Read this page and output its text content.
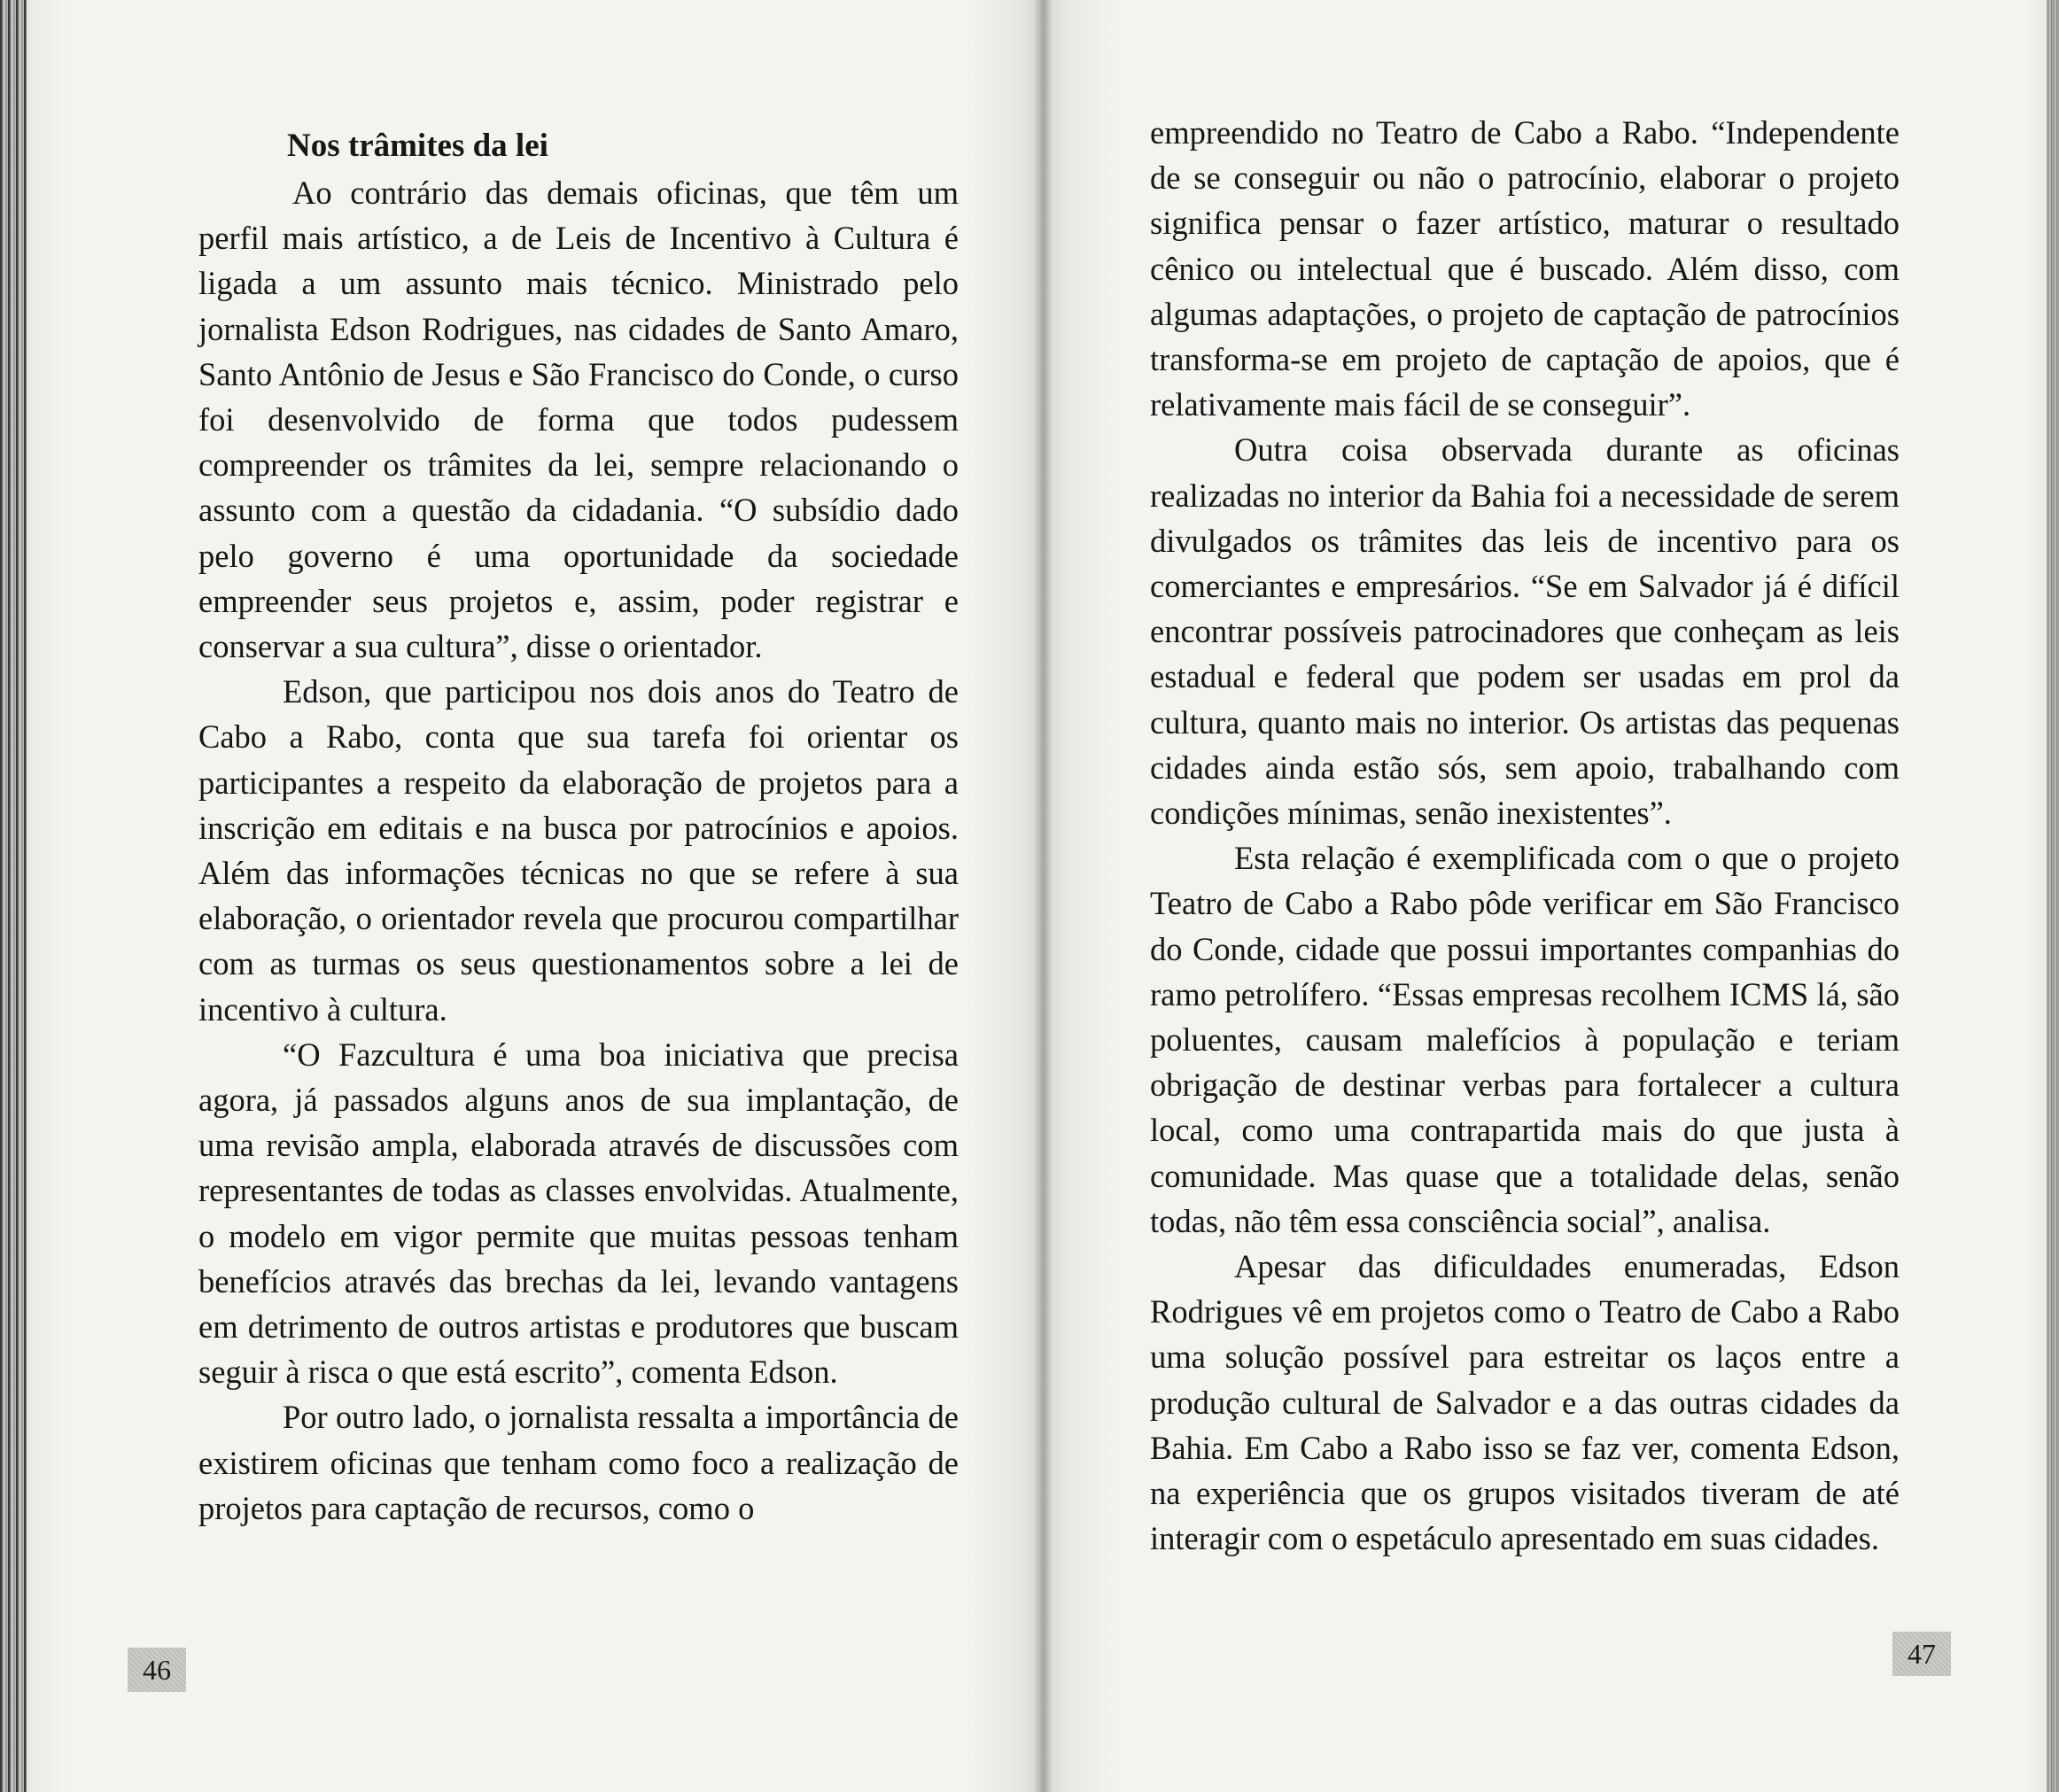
Nos trâmites da lei

Ao contrário das demais oficinas, que têm um perfil mais artístico, a de Leis de Incentivo à Cultura é ligada a um assunto mais técnico. Ministrado pelo jornalista Edson Rodrigues, nas cidades de Santo Amaro, Santo Antônio de Jesus e São Francisco do Conde, o curso foi desenvolvido de forma que todos pudessem compreender os trâmites da lei, sempre relacionando o assunto com a questão da cidadania. “O subsídio dado pelo governo é uma oportunidade da sociedade empreender seus projetos e, assim, poder registrar e conservar a sua cultura”, disse o orientador.

Edson, que participou nos dois anos do Teatro de Cabo a Rabo, conta que sua tarefa foi orientar os participantes a respeito da elaboração de projetos para a inscrição em editais e na busca por patrocínios e apoios. Além das informações técnicas no que se refere à sua elaboração, o orientador revela que procurou compartilhar com as turmas os seus questionamentos sobre a lei de incentivo à cultura.

“O Fazcultura é uma boa iniciativa que precisa agora, já passados alguns anos de sua implantação, de uma revisão ampla, elaborada através de discussões com representantes de todas as classes envolvidas. Atualmente, o modelo em vigor permite que muitas pessoas tenham benefícios através das brechas da lei, levando vantagens em detrimento de outros artistas e produtores que buscam seguir à risca o que está escrito”, comenta Edson.

Por outro lado, o jornalista ressalta a importância de existirem oficinas que tenham como foco a realização de projetos para captação de recursos, como o

46

empreendido no Teatro de Cabo a Rabo. “Independente de se conseguir ou não o patrocínio, elaborar o projeto significa pensar o fazer artístico, maturar o resultado cênico ou intelectual que é buscado. Além disso, com algumas adaptações, o projeto de captação de patrocínios transforma-se em projeto de captação de apoios, que é relativamente mais fácil de se conseguir”.

Outra coisa observada durante as oficinas realizadas no interior da Bahia foi a necessidade de serem divulgados os trâmites das leis de incentivo para os comerciantes e empresários. “Se em Salvador já é difícil encontrar possíveis patrocinadores que conheçam as leis estadual e federal que podem ser usadas em prol da cultura, quanto mais no interior. Os artistas das pequenas cidades ainda estão sós, sem apoio, trabalhando com condições mínimas, senão inexistentes”.

Esta relação é exemplificada com o que o projeto Teatro de Cabo a Rabo pôde verificar em São Francisco do Conde, cidade que possui importantes companhias do ramo petrolífero. “Essas empresas recolhem ICMS lá, são poluentes, causam malefícios à população e teriam obrigação de destinar verbas para fortalecer a cultura local, como uma contrapartida mais do que justa à comunidade. Mas quase que a totalidade delas, senão todas, não têm essa consciência social”, analisa.

Apesar das dificuldades enumeradas, Edson Rodrigues vê em projetos como o Teatro de Cabo a Rabo uma solução possível para estreitar os laços entre a produção cultural de Salvador e a das outras cidades da Bahia. Em Cabo a Rabo isso se faz ver, comenta Edson, na experiência que os grupos visitados tiveram de até interagir com o espetáculo apresentado em suas cidades.

47
